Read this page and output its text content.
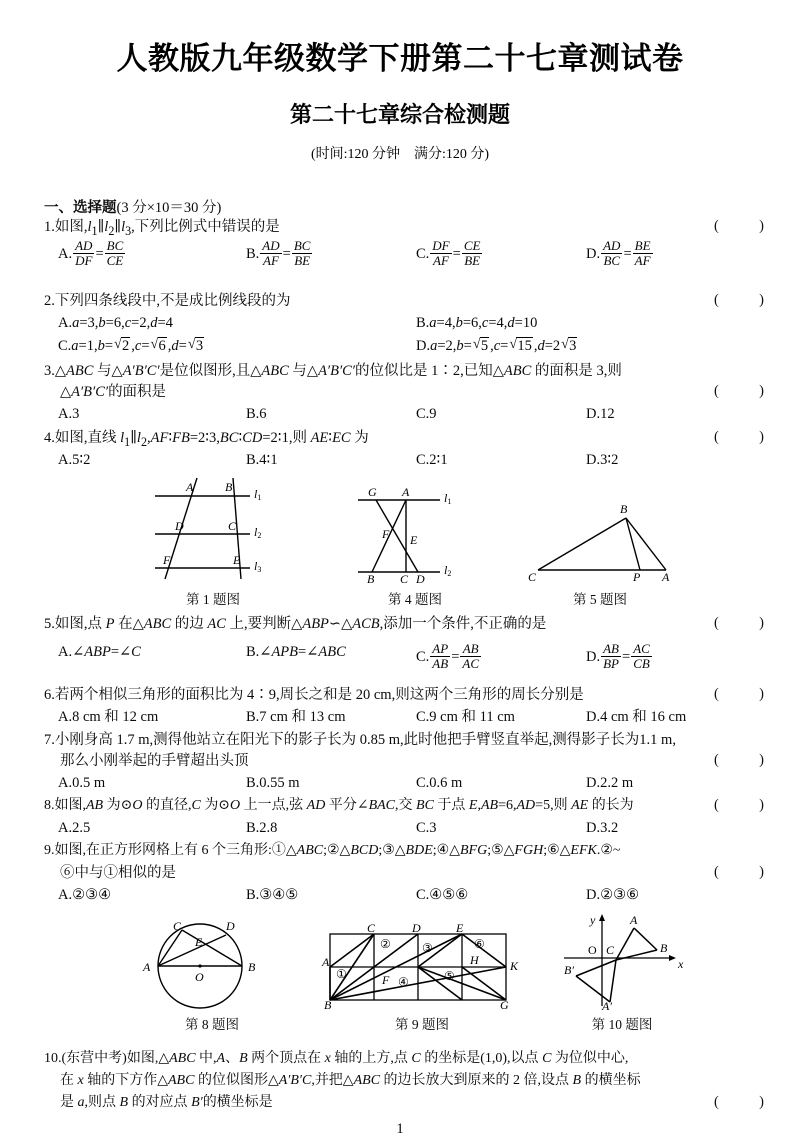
人教版九年级数学下册第二十七章测试卷
第二十七章综合检测题
(时间:120 分钟 满分:120 分)
一、选择题(3 分×10＝30 分)
1.如图$,l_1\parallel l_2\parallel l_3$,下列比例式中错误的是	(  )
A. $\frac{AD}{DF} = \frac{BC}{CE}$	B. $\frac{AD}{AF} = \frac{BC}{BE}$	C. $\frac{DF}{AF} = \frac{CE}{BE}$	D. $\frac{AD}{BC} = \frac{BE}{AF}$
2.下列四条线段中,不是成比例线段的为	(  )
A.a=3,b=6,c=2,d=4	B.a=4,b=6,c=4,d=10
C.a=1,b= √ 2 ,c= √ 6 ,d= √ 3	D.a=2,b= √ 5 ,c= √ 15 ,d=2 √ 3
3.△ABC 与△A′B′C′是位似图形,且△ABC 与△A′B′C′的位似比是 1∶2,已知△ABC 的面积是 3,则
△A′B′C′的面积是	(  )
A.3	B.6	C.9	D.12
4.如图,直线 $l_1\parallel l_2,AF∶FB=2∶3,BC∶CD=2∶1$,则 AE∶EC 为	(  )
A.5∶2	B.4∶1	C.2∶1	D.3∶2
A	B l1
D	C l2
F	E l3
第 1 题图
G A	l1
F E
B C D
l2
第 4 题图
B
C	P A
第 5 题图
5.如图,点 P 在△ABC 的边 AC 上,要判断△ABP∽△ACB,添加一个条件,不正确的是	(  )
A.∠ABP=∠C	B.∠APB=∠ABC	C. $\frac{AP}{AB} = \frac{AB}{AC}$	D. $\frac{AB}{BP} = \frac{AC}{CB}$
6.若两个相似三角形的面积比为 4∶9,周长之和是 20 cm,则这两个三角形的周长分别是	(  )
A.8 cm 和 12 cm	B.7 cm 和 13 cm	C.9 cm 和 11 cm	D.4 cm 和 16 cm
7.小刚身高 1.7 m,测得他站立在阳光下的影子长为 0.85 m,此时他把手臂竖直举起,测得影子长为1.1 m,
那么小刚举起的手臂超出头顶	(  )
A.0.5 m	B.0.55 m	C.0.6 m	D.2.2 m
8.如图,AB 为⊙O 的直径,C 为⊙O 上一点,弦 AD 平分∠BAC,交 BC 于点 E,AB=6,AD=5,则 AE 的长为	(  )
A.2.5	B.2.8	C.3	D.3.2
9.如图,在正方形网格上有 6 个三角形:①△ABC;②△BCD;③△BDE;④△BFG;⑤△FGH;⑥△EFK.②~
⑥中与①相似的是	(  )
A.②③④	B.③④⑤	C.④⑤⑥	D.②③⑥
C	D
E
A
O
B
第 8 题图
C	D	E
A	H	K
F
B	G
①
②	③
④	⑤
⑥
第 9 题图
y	A
O C	B
x
B′
A′
第 10 题图
10.(东营中考)如图,△ABC 中,A、B 两个顶点在 x 轴的上方,点 C 的坐标是(1,0),以点 C 为位似中心,
在 x 轴的下方作△ABC 的位似图形△A′B′C,并把△ABC 的边长放大到原来的 2 倍,设点 B 的横坐标
是 a,则点 B 的对应点 B′的横坐标是	(  )
1
